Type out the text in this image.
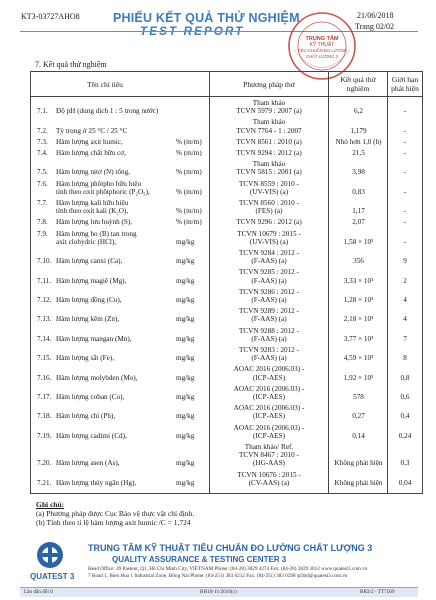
KT3-03727AHO8	PHIẾU KẾT QUẢ THỬ NGHIỆM
TEST REPORT
21/06/2018
Trang 02/02
TRUNG TÂM
KỸ THUẬT
TIÊU CHUẨN ĐO LƯỜNG
CHẤT LƯỢNG 3
7. Kết quả thử nghiệm
Tên chỉ tiêu	Phương pháp thử
Kết quả thử nghiệm
Giới hạn phát hiện
7.1. Độ pH (dung dịch 1 : 5 trong nước)
Tham khảo
TCVN 5979 : 2007 (a)	6,2	-
7.2. Tỷ trọng ở 25 °C / 25 °C
Tham khảo
TCVN 7764 - 1 : 2007	1,179	-
7.3. Hàm lượng axit humic,	% (m/m)	TCVN 8561 : 2010 (a)	Nhỏ hơn 1,0 (b)	-
7.4. Hàm lượng chất hữu cơ,	% (m/m)	TCVN 9294 : 2012 (a)	21,5	-
7.5. Hàm lượng nitơ (N) tổng,	% (m/m)
Tham khảo
TCVN 5815 : 2001 (a)	3,98	-
7.6. Hàm lượng phôtpho hữu hiệu
tính theo oxit phôtphoric (P₂O₅),	% (m/m)
TCVN 8559 : 2010 -
(UV-VIS) (a)	0,83	-
7.7. Hàm lượng kali hữu hiệu
tính theo oxit kali (K₂O),	% (m/m)
TCVN 8560 : 2010 -
(FES) (a)	1,17	-
7.8. Hàm lượng lưu huỳnh (S),	% (m/m)	TCVN 9296 : 2012 (a)	2,07	-
7.9. Hàm lượng bo (B) tan trong
axit clohydric (HCl),	mg/kg
TCVN 10679 : 2015 -
(UV-VIS) (a)	1,58 × 10³	-
7.10. Hàm lượng canxi (Ca),	mg/kg
TCVN 9284 : 2012 -
(F-AAS) (a)	356	9
7.11. Hàm lượng magiê (Mg),	mg/kg
TCVN 9285 : 2012 -
(F-AAS) (a)	3,33 × 10³	2
7.12. Hàm lượng đồng (Cu),	mg/kg
TCVN 9286 : 2012 -
(F-AAS) (a)	1,28 × 10³	4
7.13. Hàm lượng kẽm (Zn),	mg/kg
TCVN 9289 : 2012 -
(F-AAS) (a)	2,18 × 10³	4
7.14. Hàm lượng mangan (Mn),	mg/kg
TCVN 9288 : 2012 -
(F-AAS) (a)	3,77 × 10³	7
7.15. Hàm lượng sắt (Fe),	mg/kg
TCVN 9283 : 2012 -
(F-AAS) (a)	4,59 × 10³	8
7.16. Hàm lượng molybden (Mo),	mg/kg
AOAC 2016 (2006.03) -
(ICP-AES)	1,92 × 10³	0,8
7.17. Hàm lượng coban (Co),	mg/kg
AOAC 2016 (2006.03) -
(ICP-AES)	578	0,6
7.18. Hàm lượng chì (Pb),	mg/kg
AOAC 2016 (2006.03) -
(ICP-AES)	0,27	0,4
7.19. Hàm lượng cadimi (Cd),	mg/kg
AOAC 2016 (2006.03) -
(ICP-AES)	0,14	0,24
7.20. Hàm lượng asen (As),	mg/kg
Tham khảo/ Ref.
TCVN 8467 : 2010 -
(HG-AAS)	Không phát hiện	0,3
7.21. Hàm lượng thủy ngân (Hg),	mg/kg
TCVN 10676 : 2015 -
(CV-AAS) (a)	Không phát hiện	0,04
Ghi chú:
(a) Phương pháp được Cục Bảo vệ thực vật chỉ định.
(b) Tính theo tỉ lệ hàm lượng axit humic /C = 1,724
QUATEST 3
TRUNG TÂM KỸ THUẬT TIÊU CHUẨN ĐO LƯỜNG CHẤT LƯỢNG 3
QUALITY ASSURANCE & TESTING CENTER 3
Head Office: 49 Pasteur, Q1, Hồ Chí Minh City, VIETNAM Phone: (84-28) 3829 4274 Fax: (84-28) 3829 3012 www.quatest3.com.vn
7 Road 1, Bien Hoa 1 Industrial Zone, Đồng Nai Phone: (84-251) 383 6212 Fax: (84-251) 383 6298 qt3bd@quatest3.com.vn
Lần dẫn đổi 0	BH10-11/2016(c)	BR3/2 - TT7509
